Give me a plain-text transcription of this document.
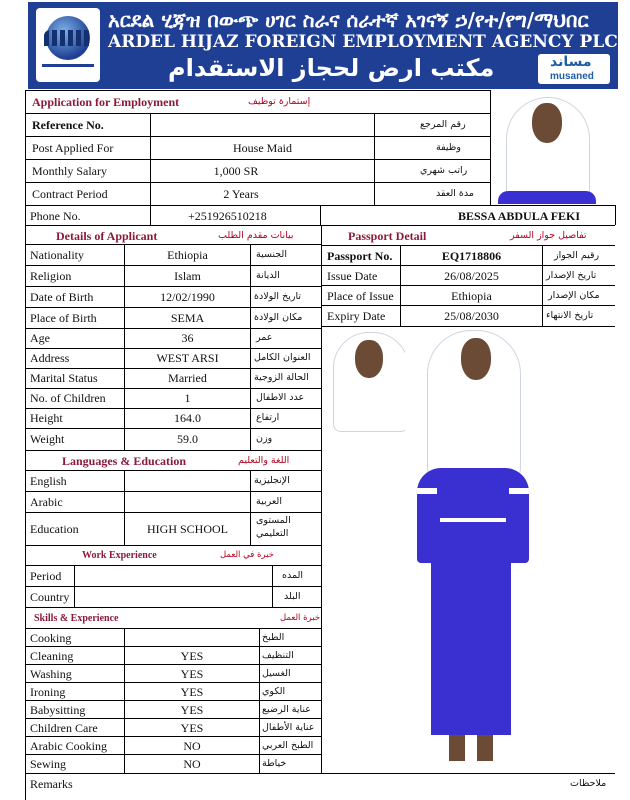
አርደል ሂጃዝ በውጭ ሀገር ስራና ሰራተኛ አገናኝ ኃ/የተ/የግ/ማህበር
ARDEL HIJAZ FOREIGN EMPLOYMENT AGENCY PLC
مكتب ارض لحجاز الاستقدام	مساند
musaned
Application for Employment	إستمارة توظيف
Reference No.	رقم المرجع
Post Applied For	House Maid	وظيفة
Monthly Salary	1,000 SR	راتب شهري
Contract Period	2 Years	مدة العقد
Phone No.	+251926510218	BESSA ABDULA FEKI
Details of Applicant	بيانات مقدم الطلب
Nationality	Ethiopia	الجنسية
Religion	Islam	الديانة
Date of Birth	12/02/1990	تاريخ الولادة
Place of Birth	SEMA	مكان الولادة
Age	36	عمر
Address	WEST ARSI	العنوان الكامل
Marital Status	Married	الحالة الزوجية
No. of Children	1	عدد الاطفال
Height	164.0	ارتفاع
Weight	59.0	وزن
Languages & Education	اللغة والتعليم
English	الإنجليزية
Arabic	العربية
Education	HIGH SCHOOL
المستوى
التعليمي
Work Experience	خبرة في العمل
Period	المده
Country	البلد
Skills & Experience	خبرة العمل
Cooking	الطبخ
Cleaning	YES	التنظيف
Washing	YES	الغسيل
Ironing	YES	الكوي
Babysitting	YES	عناية الرضيع
Children Care	YES	عناية الأطفال
Arabic Cooking	NO	الطبخ العربي
Sewing	NO	خياطة
Remarks	ملاحظات
Passport Detail	تفاصيل جواز السفر
Passport No.	EQ1718806	رقيم الجواز
Issue Date	26/08/2025	تاريخ الإصدار
Place of Issue	Ethiopia	مكان الإصدار
Expiry Date	25/08/2030	تاريخ الانتهاء
